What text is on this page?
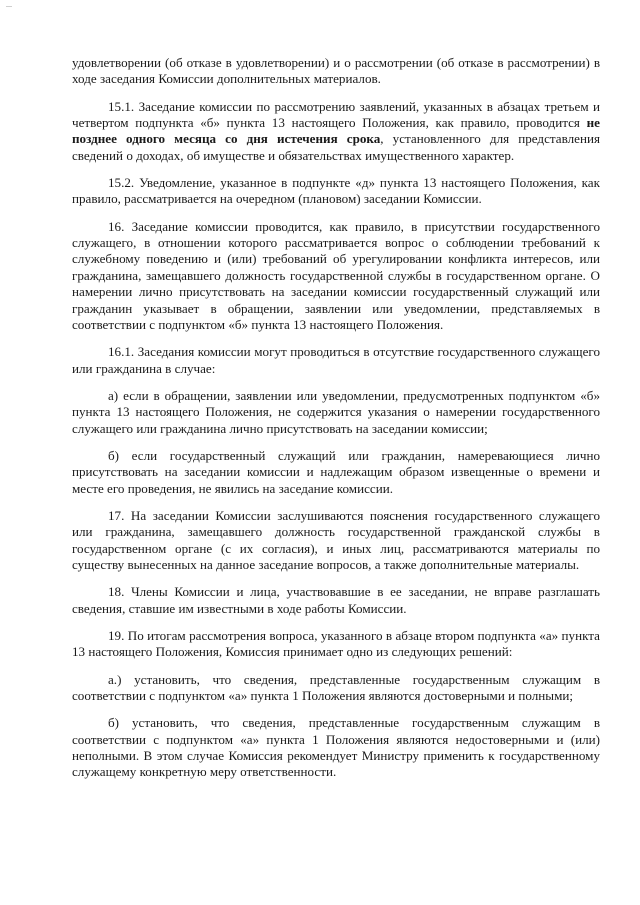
удовлетворении (об отказе в удовлетворении) и о рассмотрении (об отказе в рассмотрении) в ходе заседания Комиссии дополнительных материалов.

15.1. Заседание комиссии по рассмотрению заявлений, указанных в абзацах третьем и четвертом подпункта «б» пункта 13 настоящего Положения, как правило, проводится не позднее одного месяца со дня истечения срока, установленного для представления сведений о доходах, об имуществе и обязательствах имущественного характер.

15.2. Уведомление, указанное в подпункте «д» пункта 13 настоящего Положения, как правило, рассматривается на очередном (плановом) заседании Комиссии.

16. Заседание комиссии проводится, как правило, в присутствии государственного служащего, в отношении которого рассматривается вопрос о соблюдении требований к служебному поведению и (или) требований об урегулировании конфликта интересов, или гражданина, замещавшего должность государственной службы в государственном органе. О намерении лично присутствовать на заседании комиссии государственный служащий или гражданин указывает в обращении, заявлении или уведомлении, представляемых в соответствии с подпунктом «б» пункта 13 настоящего Положения.

16.1. Заседания комиссии могут проводиться в отсутствие государственного служащего или гражданина в случае:

а) если в обращении, заявлении или уведомлении, предусмотренных подпунктом «б» пункта 13 настоящего Положения, не содержится указания о намерении государственного служащего или гражданина лично присутствовать на заседании комиссии;

б) если государственный служащий или гражданин, намеревающиеся лично присутствовать на заседании комиссии и надлежащим образом извещенные о времени и месте его проведения, не явились на заседание комиссии.

17. На заседании Комиссии заслушиваются пояснения государственного служащего или гражданина, замещавшего должность государственной гражданской службы в государственном органе (с их согласия), и иных лиц, рассматриваются материалы по существу вынесенных на данное заседание вопросов, а также дополнительные материалы.

18. Члены Комиссии и лица, участвовавшие в ее заседании, не вправе разглашать сведения, ставшие им известными в ходе работы Комиссии.

19. По итогам рассмотрения вопроса, указанного в абзаце втором подпункта «а» пункта 13 настоящего Положения, Комиссия принимает одно из следующих решений:

а.) установить, что сведения, представленные государственным служащим в соответствии с подпунктом «а» пункта 1 Положения являются достоверными и полными;

б) установить, что сведения, представленные государственным служащим в соответствии с подпунктом «а» пункта 1 Положения являются недостоверными и (или) неполными. В этом случае Комиссия рекомендует Министру применить к государственному служащему конкретную меру ответственности.
